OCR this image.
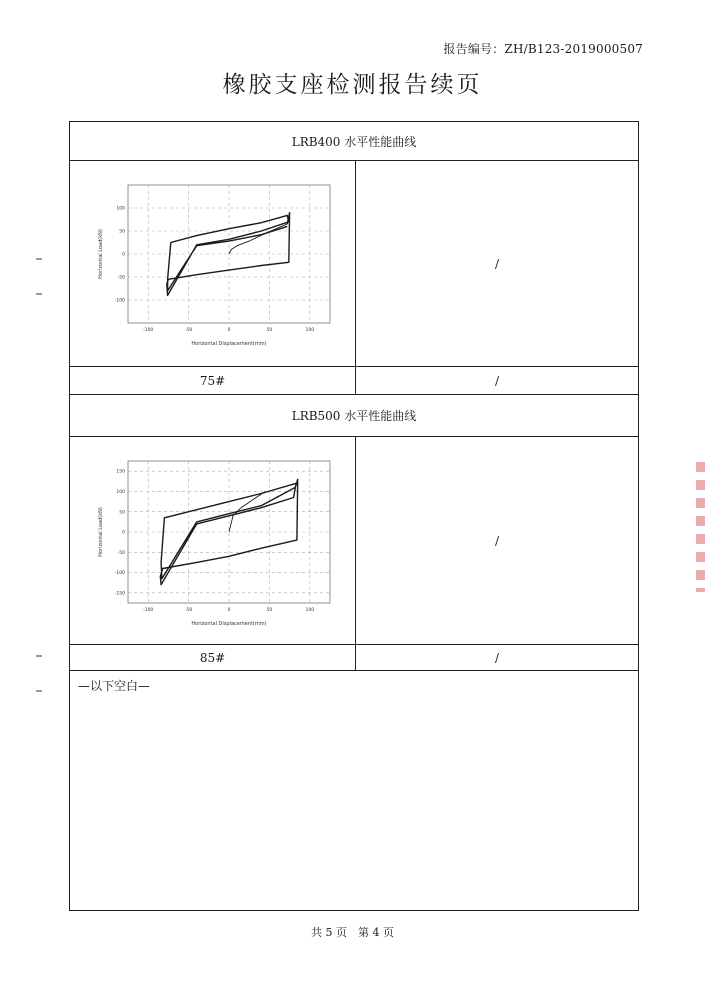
报告编号：ZH/B123-2019000507
橡胶支座检测报告续页
LRB400 水平性能曲线
-100	-50	0	50	100
-100
-50
0
50
100
Horizontal Displacement(mm)
Horizontal Load(kN)	/
75#	/
LRB500 水平性能曲线
-100	-50	0	50	100
-150
-100
-50
0
50
100
150
Horizontal Displacement(mm)
Horizontal Load(kN)	/
85#	/
—以下空白—
共 5 页　第 4 页
